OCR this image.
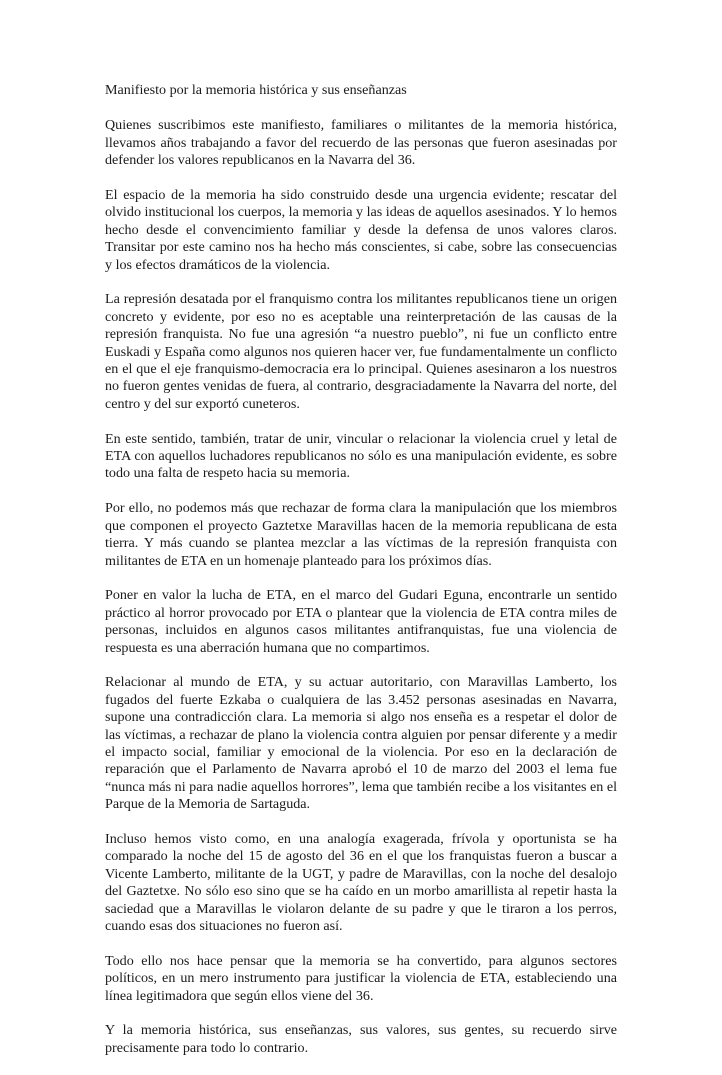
Manifiesto por la memoria histórica y sus enseñanzas

Quienes suscribimos este manifiesto, familiares o militantes de la memoria histórica, llevamos años trabajando a favor del recuerdo de las personas que fueron asesinadas por defender los valores republicanos en la Navarra del 36.

El espacio de la memoria ha sido construido desde una urgencia evidente; rescatar del olvido institucional los cuerpos, la memoria y las ideas de aquellos asesinados. Y lo hemos hecho desde el convencimiento familiar y desde la defensa de unos valores claros. Transitar por este camino nos ha hecho más conscientes, si cabe, sobre las consecuencias y los efectos dramáticos de la violencia.

La represión desatada por el franquismo contra los militantes republicanos tiene un origen concreto y evidente, por eso no es aceptable una reinterpretación de las causas de la represión franquista. No fue una agresión “a nuestro pueblo”, ni fue un conflicto entre Euskadi y España como algunos nos quieren hacer ver, fue fundamentalmente un conflicto en el que el eje franquismo-democracia era lo principal. Quienes asesinaron a los nuestros no fueron gentes venidas de fuera, al contrario, desgraciadamente la Navarra del norte, del centro y del sur exportó cuneteros.

En este sentido, también, tratar de unir, vincular o relacionar la violencia cruel y letal de ETA con aquellos luchadores republicanos no sólo es una manipulación evidente, es sobre todo una falta de respeto hacia su memoria.

Por ello, no podemos más que rechazar de forma clara la manipulación que los miembros que componen el proyecto Gaztetxe Maravillas hacen de la memoria republicana de esta tierra. Y más cuando se plantea mezclar a las víctimas de la represión franquista con militantes de ETA en un homenaje planteado para los próximos días.

Poner en valor la lucha de ETA, en el marco del Gudari Eguna, encontrarle un sentido práctico al horror provocado por ETA o plantear que la violencia de ETA contra miles de personas, incluidos en algunos casos militantes antifranquistas, fue una violencia de respuesta es una aberración humana que no compartimos.

Relacionar al mundo de ETA, y su actuar autoritario, con Maravillas Lamberto, los fugados del fuerte Ezkaba o cualquiera de las 3.452 personas asesinadas en Navarra, supone una contradicción clara. La memoria si algo nos enseña es a respetar el dolor de las víctimas, a rechazar de plano la violencia contra alguien por pensar diferente y a medir el impacto social, familiar y emocional de la violencia. Por eso en la declaración de reparación que el Parlamento de Navarra aprobó el 10 de marzo del 2003 el lema fue “nunca más ni para nadie aquellos horrores”, lema que también recibe a los visitantes en el Parque de la Memoria de Sartaguda.

Incluso hemos visto como, en una analogía exagerada, frívola y oportunista se ha comparado la noche del 15 de agosto del 36 en el que los franquistas fueron a buscar a Vicente Lamberto, militante de la UGT, y padre de Maravillas, con la noche del desalojo del Gaztetxe. No sólo eso sino que se ha caído en un morbo amarillista al repetir hasta la saciedad que a Maravillas le violaron delante de su padre y que le tiraron a los perros, cuando esas dos situaciones no fueron así.

Todo ello nos hace pensar que la memoria se ha convertido, para algunos sectores políticos, en un mero instrumento para justificar la violencia de ETA, estableciendo una línea legitimadora que según ellos viene del 36.

Y la memoria histórica, sus enseñanzas, sus valores, sus gentes, su recuerdo sirve precisamente para todo lo contrario.
